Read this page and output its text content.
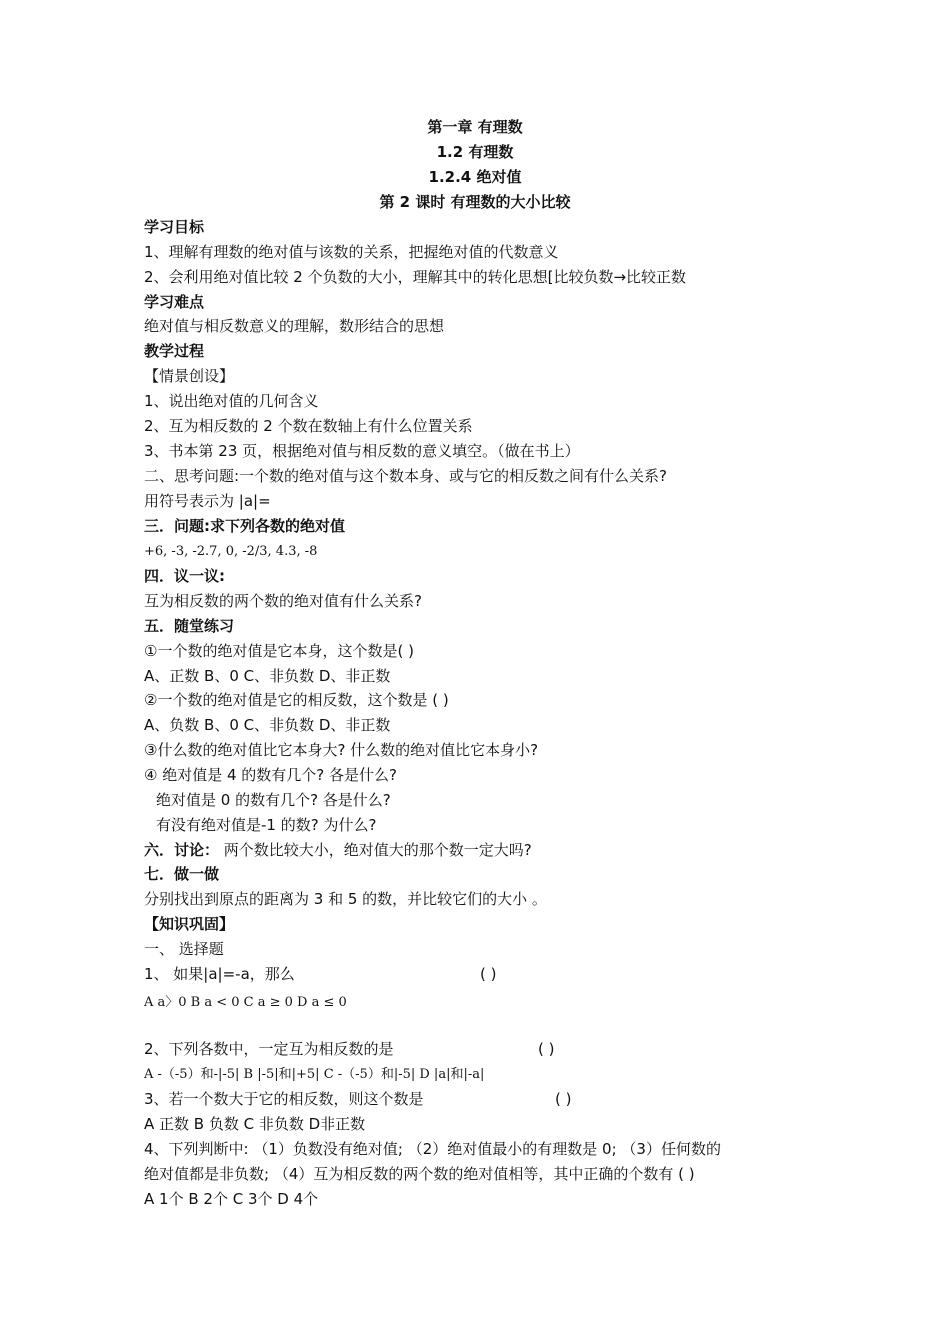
第一章 有理数
1.2 有理数
1.2.4 绝对值
第 2 课时 有理数的大小比较
学习目标
1、理解有理数的绝对值与该数的关系，把握绝对值的代数意义
2、会利用绝对值比较 2 个负数的大小，理解其中的转化思想[比较负数→比较正数
学习难点
绝对值与相反数意义的理解，数形结合的思想
教学过程
【情景创设】
1、说出绝对值的几何含义
2、互为相反数的 2 个数在数轴上有什么位置关系
3、书本第 23 页，根据绝对值与相反数的意义填空。（做在书上）
二、思考问题:一个数的绝对值与这个数本身、或与它的相反数之间有什么关系?
用符号表示为 |a|=
三．问题:求下列各数的绝对值
+6, -3, -2.7, 0, -2/3, 4.3, -8
四．议一议:
互为相反数的两个数的绝对值有什么关系?
五．随堂练习
①一个数的绝对值是它本身，这个数是( )
A、正数 B、0 C、非负数 D、非正数
②一个数的绝对值是它的相反数，这个数是 ( )
A、负数 B、0 C、非负数 D、非正数
③什么数的绝对值比它本身大? 什么数的绝对值比它本身小?
④ 绝对值是 4 的数有几个? 各是什么?
绝对值是 0 的数有几个? 各是什么?
有没有绝对值是-1 的数? 为什么?
六．讨论： 两个数比较大小，绝对值大的那个数一定大吗?
七．做一做
分别找出到原点的距离为 3 和 5 的数，并比较它们的大小 。
【知识巩固】
一、 选择题
1、 如果|a|=-a，那么	( )
A a〉0 B a < 0 C a ≥ 0 D a ≤ 0
2、下列各数中，一定互为相反数的是	( )
A -（-5）和-|-5| B |-5|和|+5| C -（-5）和|-5| D |a|和|-a|
3、若一个数大于它的相反数，则这个数是	( )
A 正数 B 负数 C 非负数 D非正数
4、下列判断中: （1）负数没有绝对值; （2）绝对值最小的有理数是 0; （3）任何数的
绝对值都是非负数; （4）互为相反数的两个数的绝对值相等，其中正确的个数有 ( )
A 1个 B 2个 C 3个 D 4个
